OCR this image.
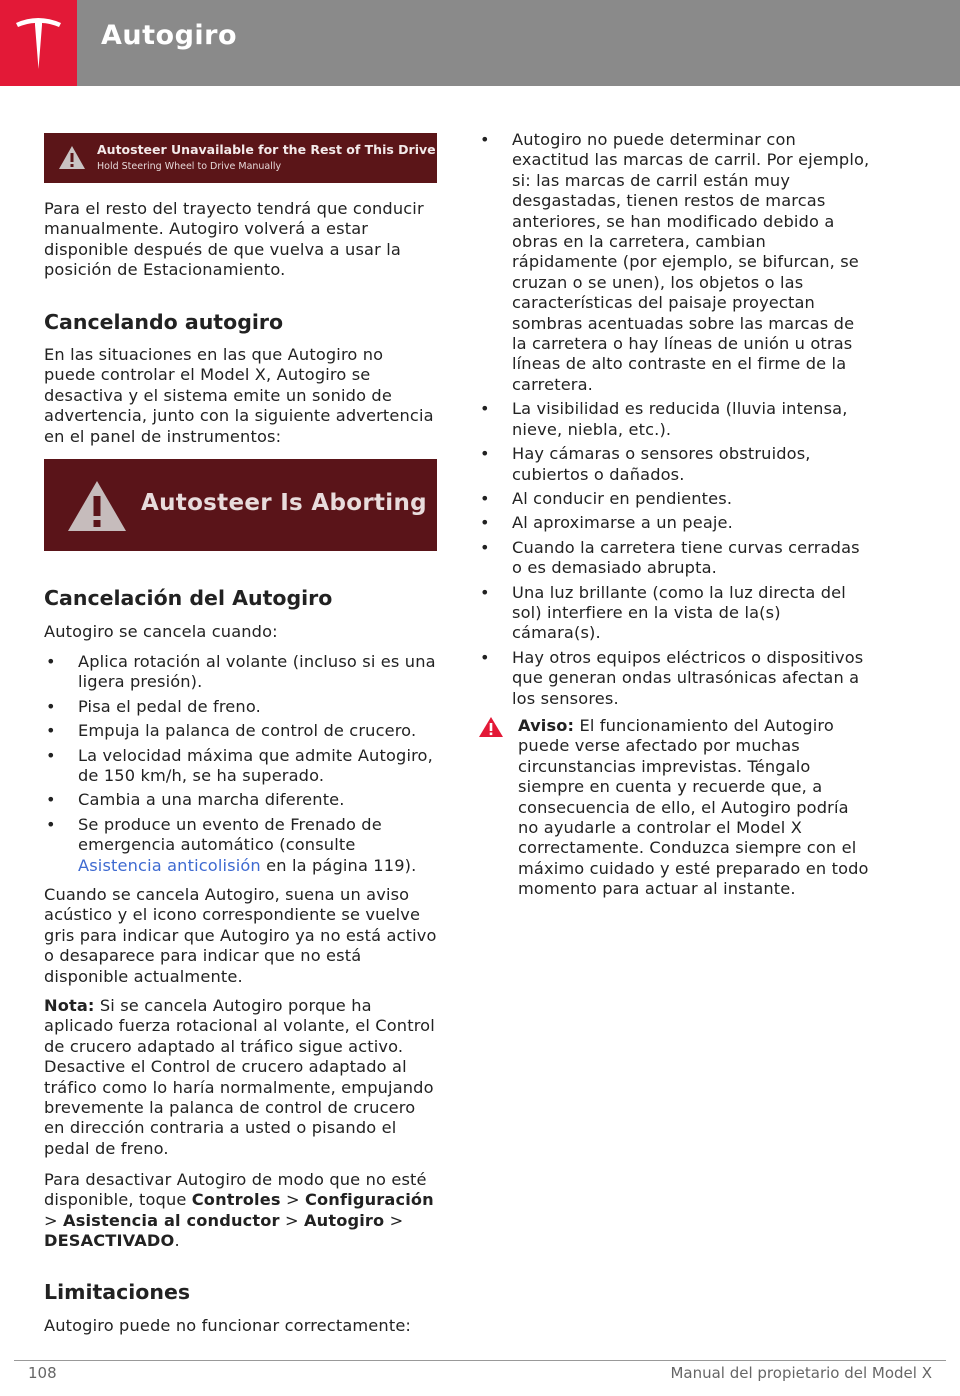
Autogiro
Autosteer Unavailable for the Rest of This Drive
Hold Steering Wheel to Drive Manually

Para el resto del trayecto tendrá que conducir manualmente. Autogiro volverá a estar disponible después de que vuelva a usar la posición de Estacionamiento.

Cancelando autogiro

En las situaciones en las que Autogiro no puede controlar el Model X, Autogiro se desactiva y el sistema emite un sonido de advertencia, junto con la siguiente advertencia en el panel de instrumentos:

Autosteer Is Aborting
Cancelación del Autogiro

Autogiro se cancela cuando:

• Aplica rotación al volante (incluso si es una ligera presión).
• Pisa el pedal de freno.
• Empuja la palanca de control de crucero.
• La velocidad máxima que admite Autogiro, de 150 km/h, se ha superado.
• Cambia a una marcha diferente.
• Se produce un evento de Frenado de emergencia automático (consulte Asistencia anticolisión en la página 119).

Cuando se cancela Autogiro, suena un aviso acústico y el icono correspondiente se vuelve gris para indicar que Autogiro ya no está activo o desaparece para indicar que no está disponible actualmente.

Nota: Si se cancela Autogiro porque ha aplicado fuerza rotacional al volante, el Control de crucero adaptado al tráfico sigue activo. Desactive el Control de crucero adaptado al tráfico como lo haría normalmente, empujando brevemente la palanca de control de crucero en dirección contraria a usted o pisando el pedal de freno.

Para desactivar Autogiro de modo que no esté disponible, toque Controles > Configuración > Asistencia al conductor > Autogiro > DESACTIVADO.

Limitaciones

Autogiro puede no funcionar correctamente:

• Autogiro no puede determinar con exactitud las marcas de carril. Por ejemplo, si: las marcas de carril están muy desgastadas, tienen restos de marcas anteriores, se han modificado debido a obras en la carretera, cambian rápidamente (por ejemplo, se bifurcan, se cruzan o se unen), los objetos o las características del paisaje proyectan sombras acentuadas sobre las marcas de la carretera o hay líneas de unión u otras líneas de alto contraste en el firme de la carretera.
• La visibilidad es reducida (lluvia intensa, nieve, niebla, etc.).
• Hay cámaras o sensores obstruidos, cubiertos o dañados.
• Al conducir en pendientes.
• Al aproximarse a un peaje.
• Cuando la carretera tiene curvas cerradas o es demasiado abrupta.
• Una luz brillante (como la luz directa del sol) interfiere en la vista de la(s) cámara(s).
• Hay otros equipos eléctricos o dispositivos que generan ondas ultrasónicas afectan a los sensores.

Aviso: El funcionamiento del Autogiro puede verse afectado por muchas circunstancias imprevistas. Téngalo siempre en cuenta y recuerde que, a consecuencia de ello, el Autogiro podría no ayudarle a controlar el Model X correctamente. Conduzca siempre con el máximo cuidado y esté preparado en todo momento para actuar al instante.

108	Manual del propietario del Model X
